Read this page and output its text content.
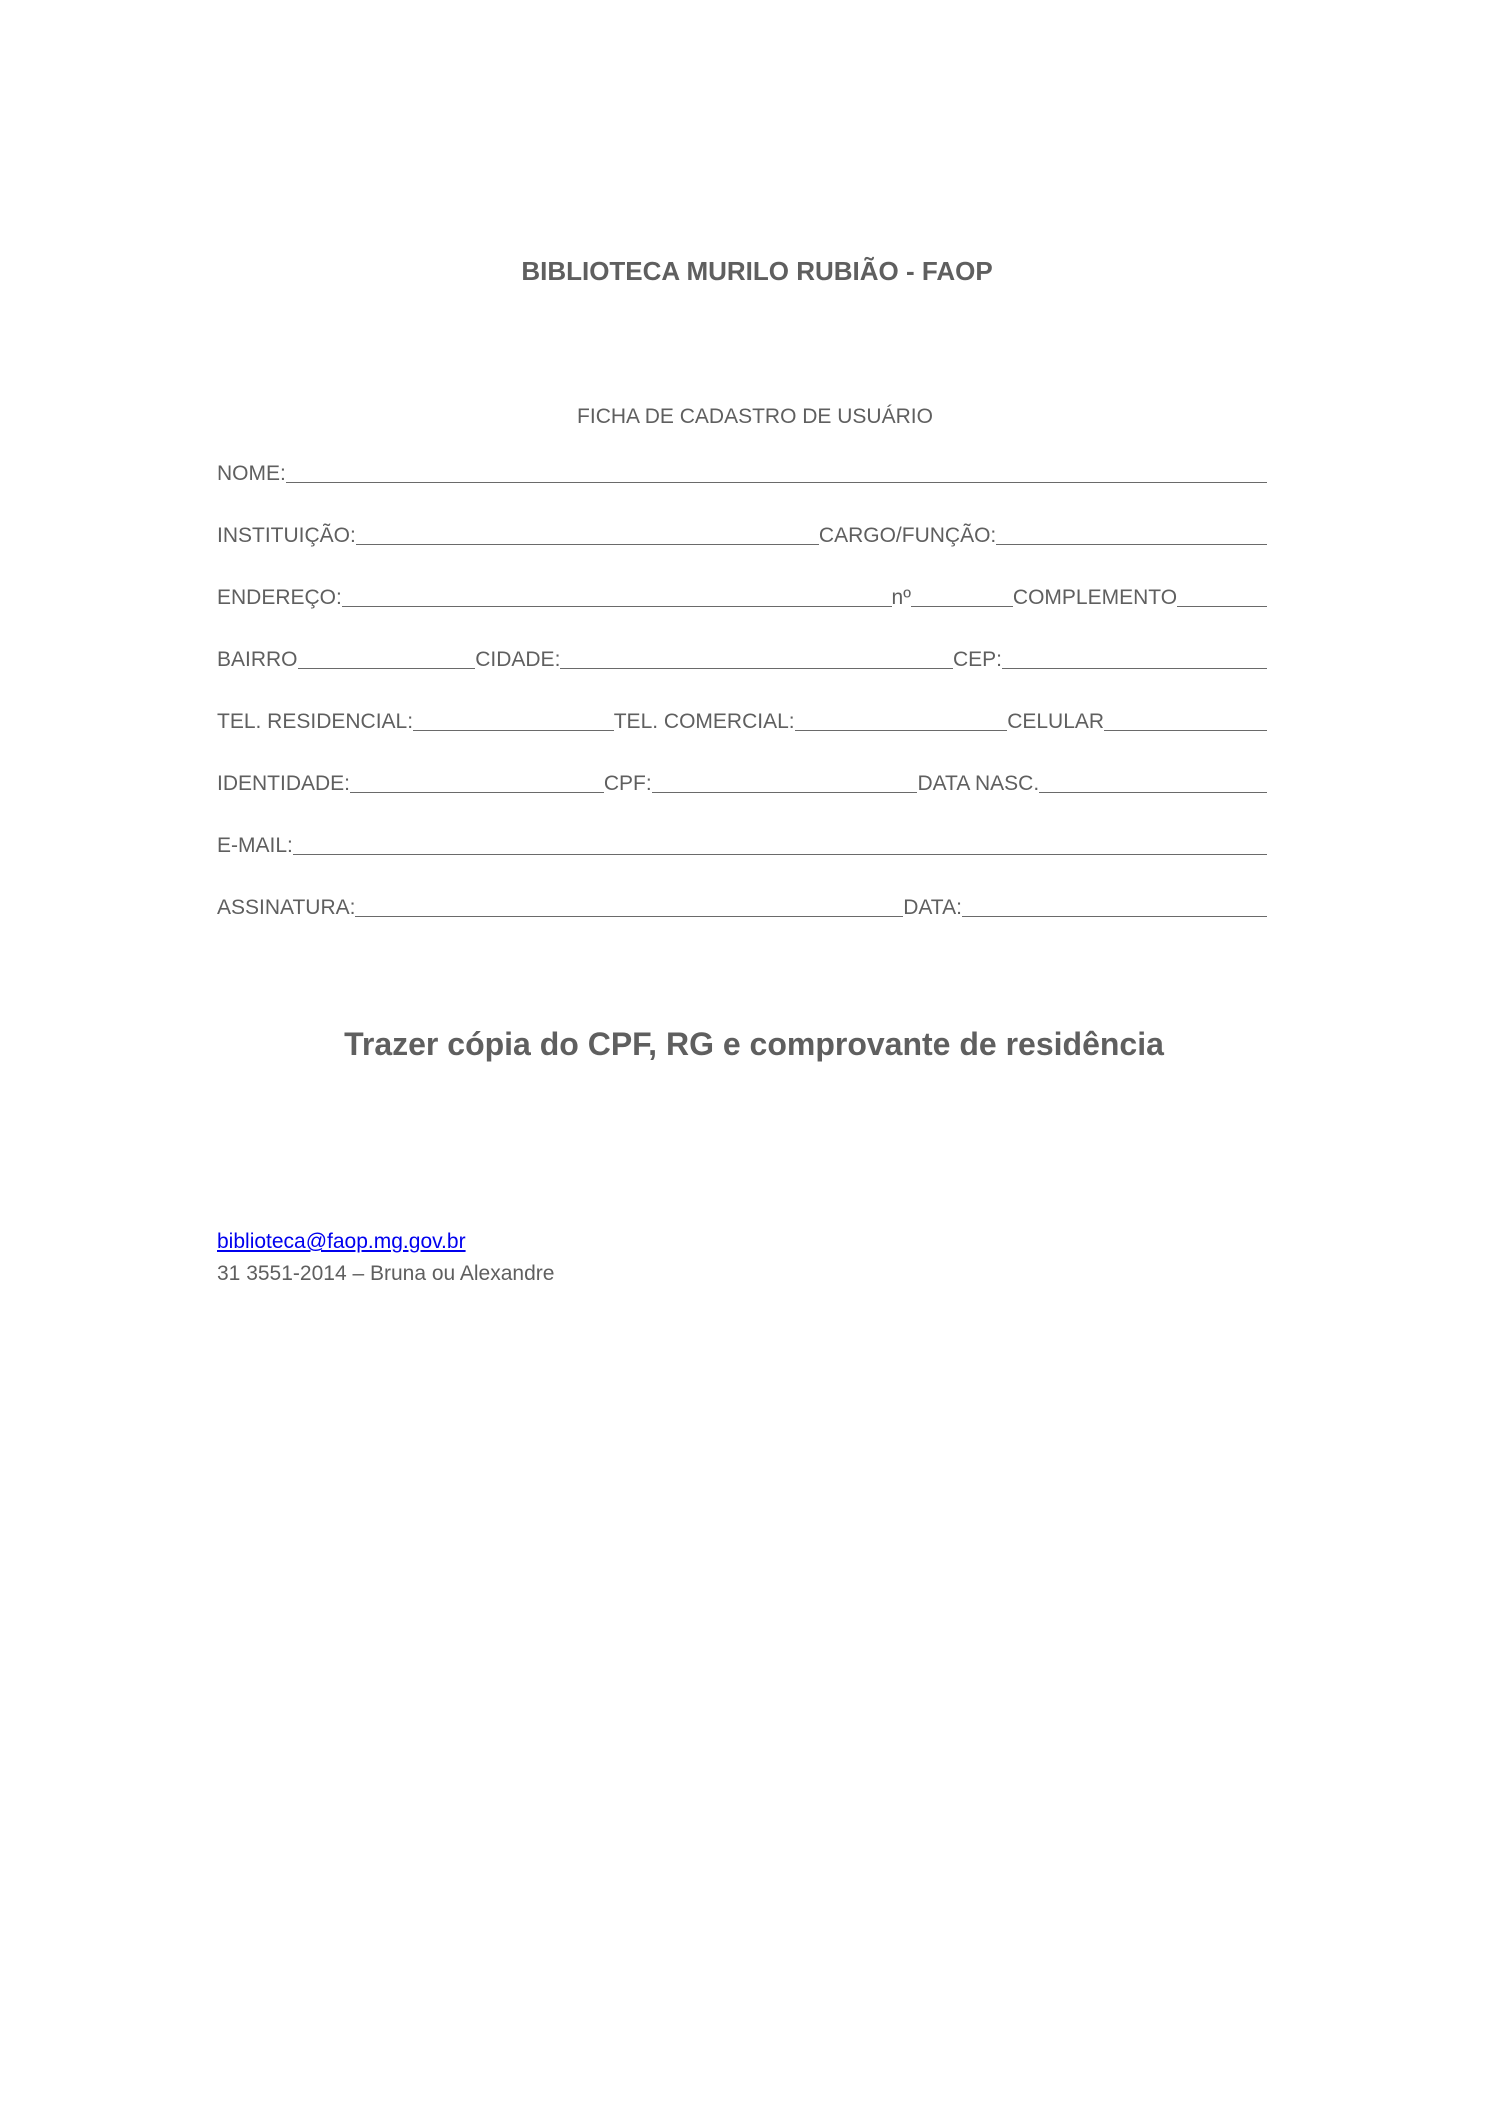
BIBLIOTECA MURILO RUBIÃO - FAOP
FICHA DE CADASTRO DE USUÁRIO
NOME:
INSTITUIÇÃO:	CARGO/FUNÇÃO:
ENDEREÇO:	nº	COMPLEMENTO
BAIRRO	CIDADE:	CEP:
TEL. RESIDENCIAL:	TEL. COMERCIAL:	CELULAR
IDENTIDADE:	CPF:	DATA NASC.
E-MAIL:
ASSINATURA:	DATA:
Trazer cópia do CPF, RG e comprovante de residência
biblioteca@faop.mg.gov.br
31 3551-2014 – Bruna ou Alexandre
